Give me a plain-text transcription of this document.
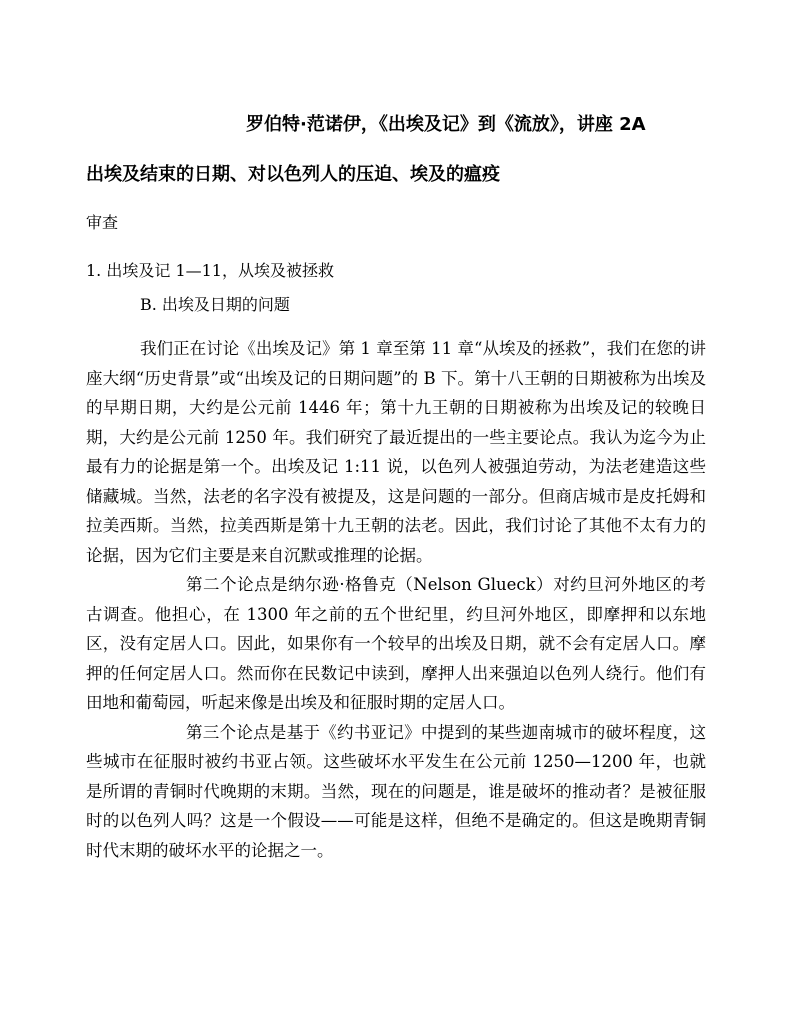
罗伯特·范诺伊，《出埃及记》到《流放》，讲座 2A
出埃及结束的日期、对以色列人的压迫、埃及的瘟疫
审查
1. 出埃及记 1—11，从埃及被拯救
B. 出埃及日期的问题

我们正在讨论《出埃及记》第 1 章至第 11 章“从埃及的拯救”，我们在您的讲座大纲“历史背景”或“出埃及记的日期问题”的 B 下。第十八王朝的日期被称为出埃及的早期日期，大约是公元前 1446 年；第十九王朝的日期被称为出埃及记的较晚日期，大约是公元前 1250 年。我们研究了最近提出的一些主要论点。我认为迄今为止最有力的论据是第一个。出埃及记 1:11 说，以色列人被强迫劳动，为法老建造这些储藏城。当然，法老的名字没有被提及，这是问题的一部分。但商店城市是皮托姆和拉美西斯。当然，拉美西斯是第十九王朝的法老。因此，我们讨论了其他不太有力的论据，因为它们主要是来自沉默或推理的论据。

第二个论点是纳尔逊·格鲁克（Nelson Glueck）对约旦河外地区的考古调查。他担心，在 1300 年之前的五个世纪里，约旦河外地区，即摩押和以东地区，没有定居人口。因此，如果你有一个较早的出埃及日期，就不会有定居人口。摩押的任何定居人口。然而你在民数记中读到，摩押人出来强迫以色列人绕行。他们有田地和葡萄园，听起来像是出埃及和征服时期的定居人口。

第三个论点是基于《约书亚记》中提到的某些迦南城市的破坏程度，这些城市在征服时被约书亚占领。这些破坏水平发生在公元前 1250—1200 年，也就是所谓的青铜时代晚期的末期。当然，现在的问题是，谁是破坏的推动者？是被征服时的以色列人吗？这是一个假设——可能是这样，但绝不是确定的。但这是晚期青铜时代末期的破坏水平的论据之一。
